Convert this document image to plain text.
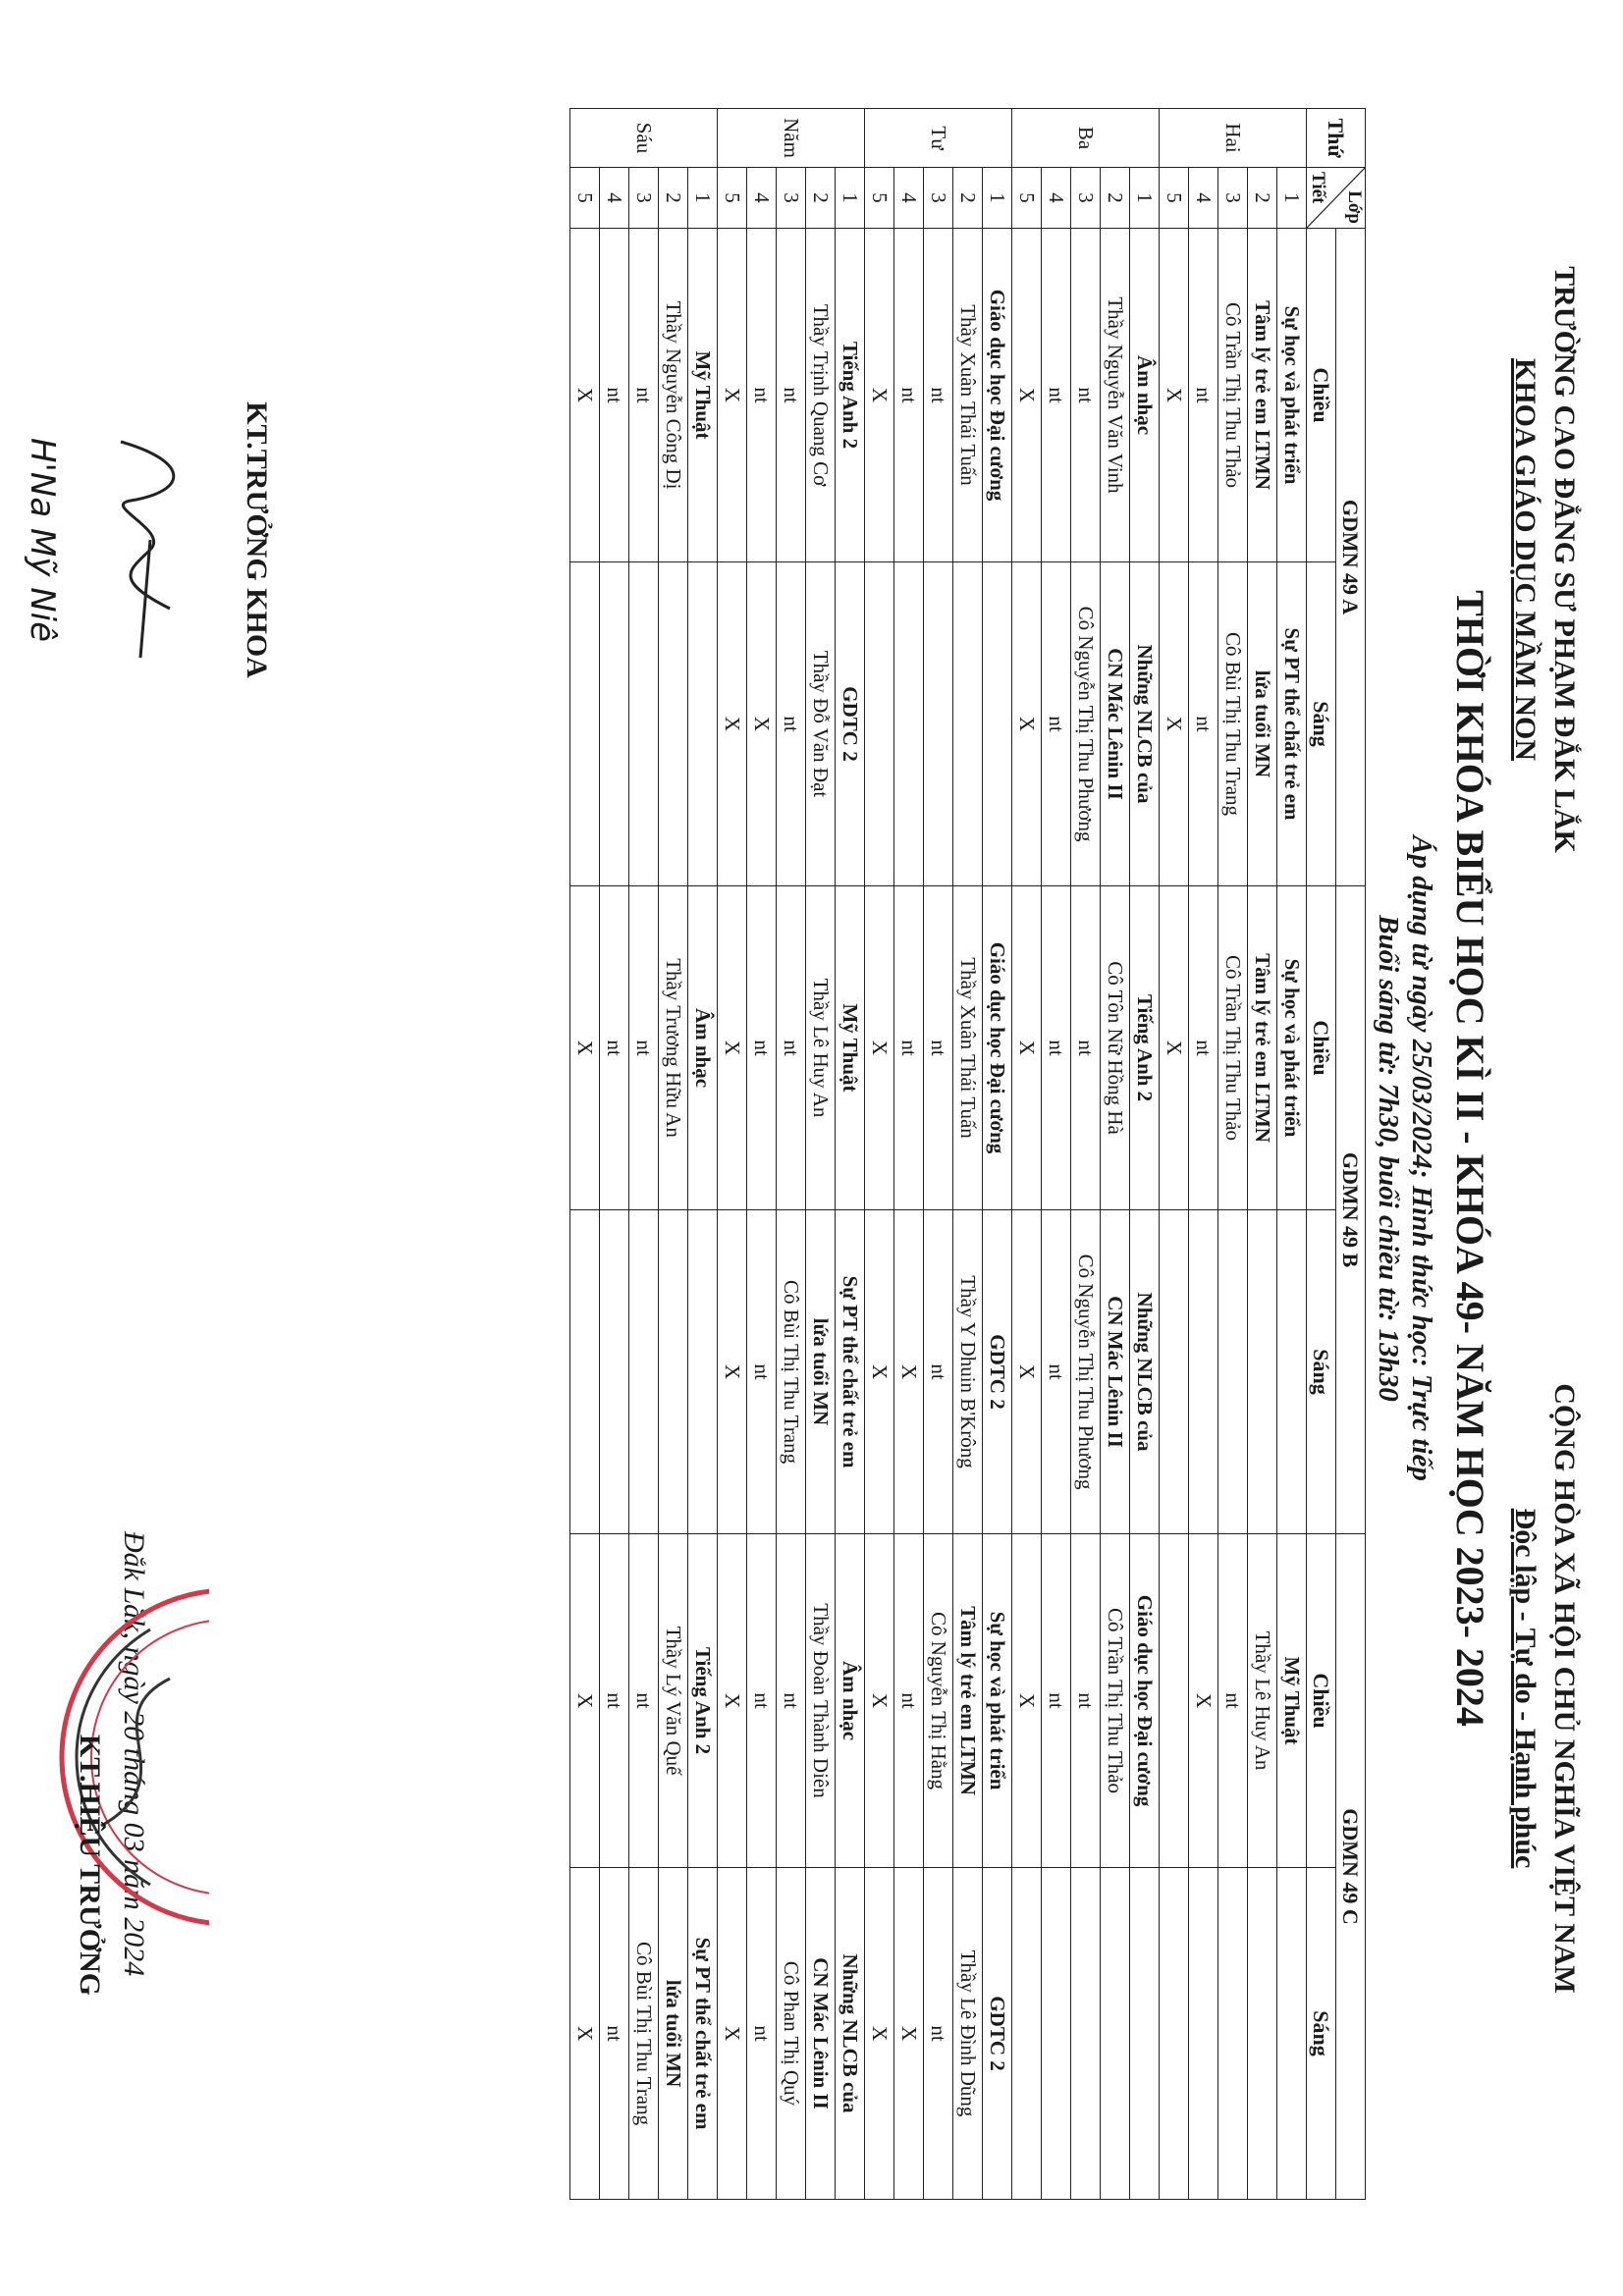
TRƯỜNG CAO ĐẲNG SƯ PHẠM ĐẮK LẮK
KHOA GIÁO DỤC MẦM NON
CỘNG HÒA XÃ HỘI CHỦ NGHĨA VIỆT NAM
Độc lập - Tự do - Hạnh phúc
THỜI KHÓA BIỂU HỌC KÌ II - KHÓA 49- NĂM HỌC 2023- 2024
Áp dụng từ ngày 25/03/2024; Hình thức học: Trực tiếp
Buổi sáng từ: 7h30, buổi chiều từ: 13h30
Thứ	Lớp
Tiết	GDMN 49 A		GDMN 49 B		GDMN 49 C	
		Chiều	Sáng	Chiều	Sáng	Chiều	Sáng
Hai	1	Sự học và phát triển	Sự PT thể chất trẻ em	Sự học và phát triển		Mỹ Thuật	
	2	Tâm lý trẻ em LTMN	lứa tuổi MN	Tâm lý trẻ em LTMN		Thầy Lê Huy An	
	3	Cô Trần Thị Thu Thảo	Cô Bùi Thị Thu Trang	Cô Trần Thị Thu Thảo		nt	
	4	nt	nt	nt		X	
	5	X	X	X			
Ba	1	Âm nhạc	Những NLCB của	Tiếng Anh 2	Những NLCB của	Giáo dục học Đại cương	
	2	Thầy Nguyễn Văn Vinh	CN Mác Lênin II	Cô Tôn Nữ Hồng Hà	CN Mác Lênin II	Cô Trần Thị Thu Thảo	
	3	nt	Cô Nguyễn Thị Thu Phương	nt	Cô Nguyễn Thị Thu Phương	nt	
	4	nt	nt	nt	nt	nt	
	5	X	X	X	X	X	
Tư	1	Giáo dục học Đại cương		Giáo dục học Đại cương	GDTC 2	Sự học và phát triển	GDTC 2
	2	Thầy Xuân Thái Tuấn		Thầy Xuân Thái Tuấn	Thầy Y Dhuin B'Krông	Tâm lý trẻ em LTMN	Thầy Lê Đình Dũng
	3	nt		nt	nt	Cô Nguyễn Thị Hằng	nt
	4	nt		nt	X	nt	X
	5	X		X	X	X	X
Năm	1	Tiếng Anh 2	GDTC 2	Mỹ Thuật	Sự PT thể chất trẻ em	Âm nhạc	Những NLCB của
	2	Thầy Trịnh Quang Cơ	Thầy Đỗ Văn Đạt	Thầy Lê Huy An	lứa tuổi MN	Thầy Đoàn Thành Diên	CN Mác Lênin II
	3	nt	nt	nt	Cô Bùi Thị Thu Trang	nt	Cô Phan Thị Quý
	4	nt	X	nt	nt	nt	nt
	5	X	X	X	X	X	X
Sáu	1	Mỹ Thuật		Âm nhạc		Tiếng Anh 2	Sự PT thể chất trẻ em
	2	Thầy Nguyễn Công Dị		Thầy Trương Hữu An		Thầy Lý Văn Quế	lứa tuổi MN
	3	nt		nt		nt	Cô Bùi Thị Thu Trang
	4	nt		nt		nt	nt
	5	X		X		X	X
Đắk Lắk, ngày 20 tháng 03 năm 2024
KT.TRƯỞNG KHOA
H'Na Mỹ Niê
KT.HIỆU TRƯỞNG
